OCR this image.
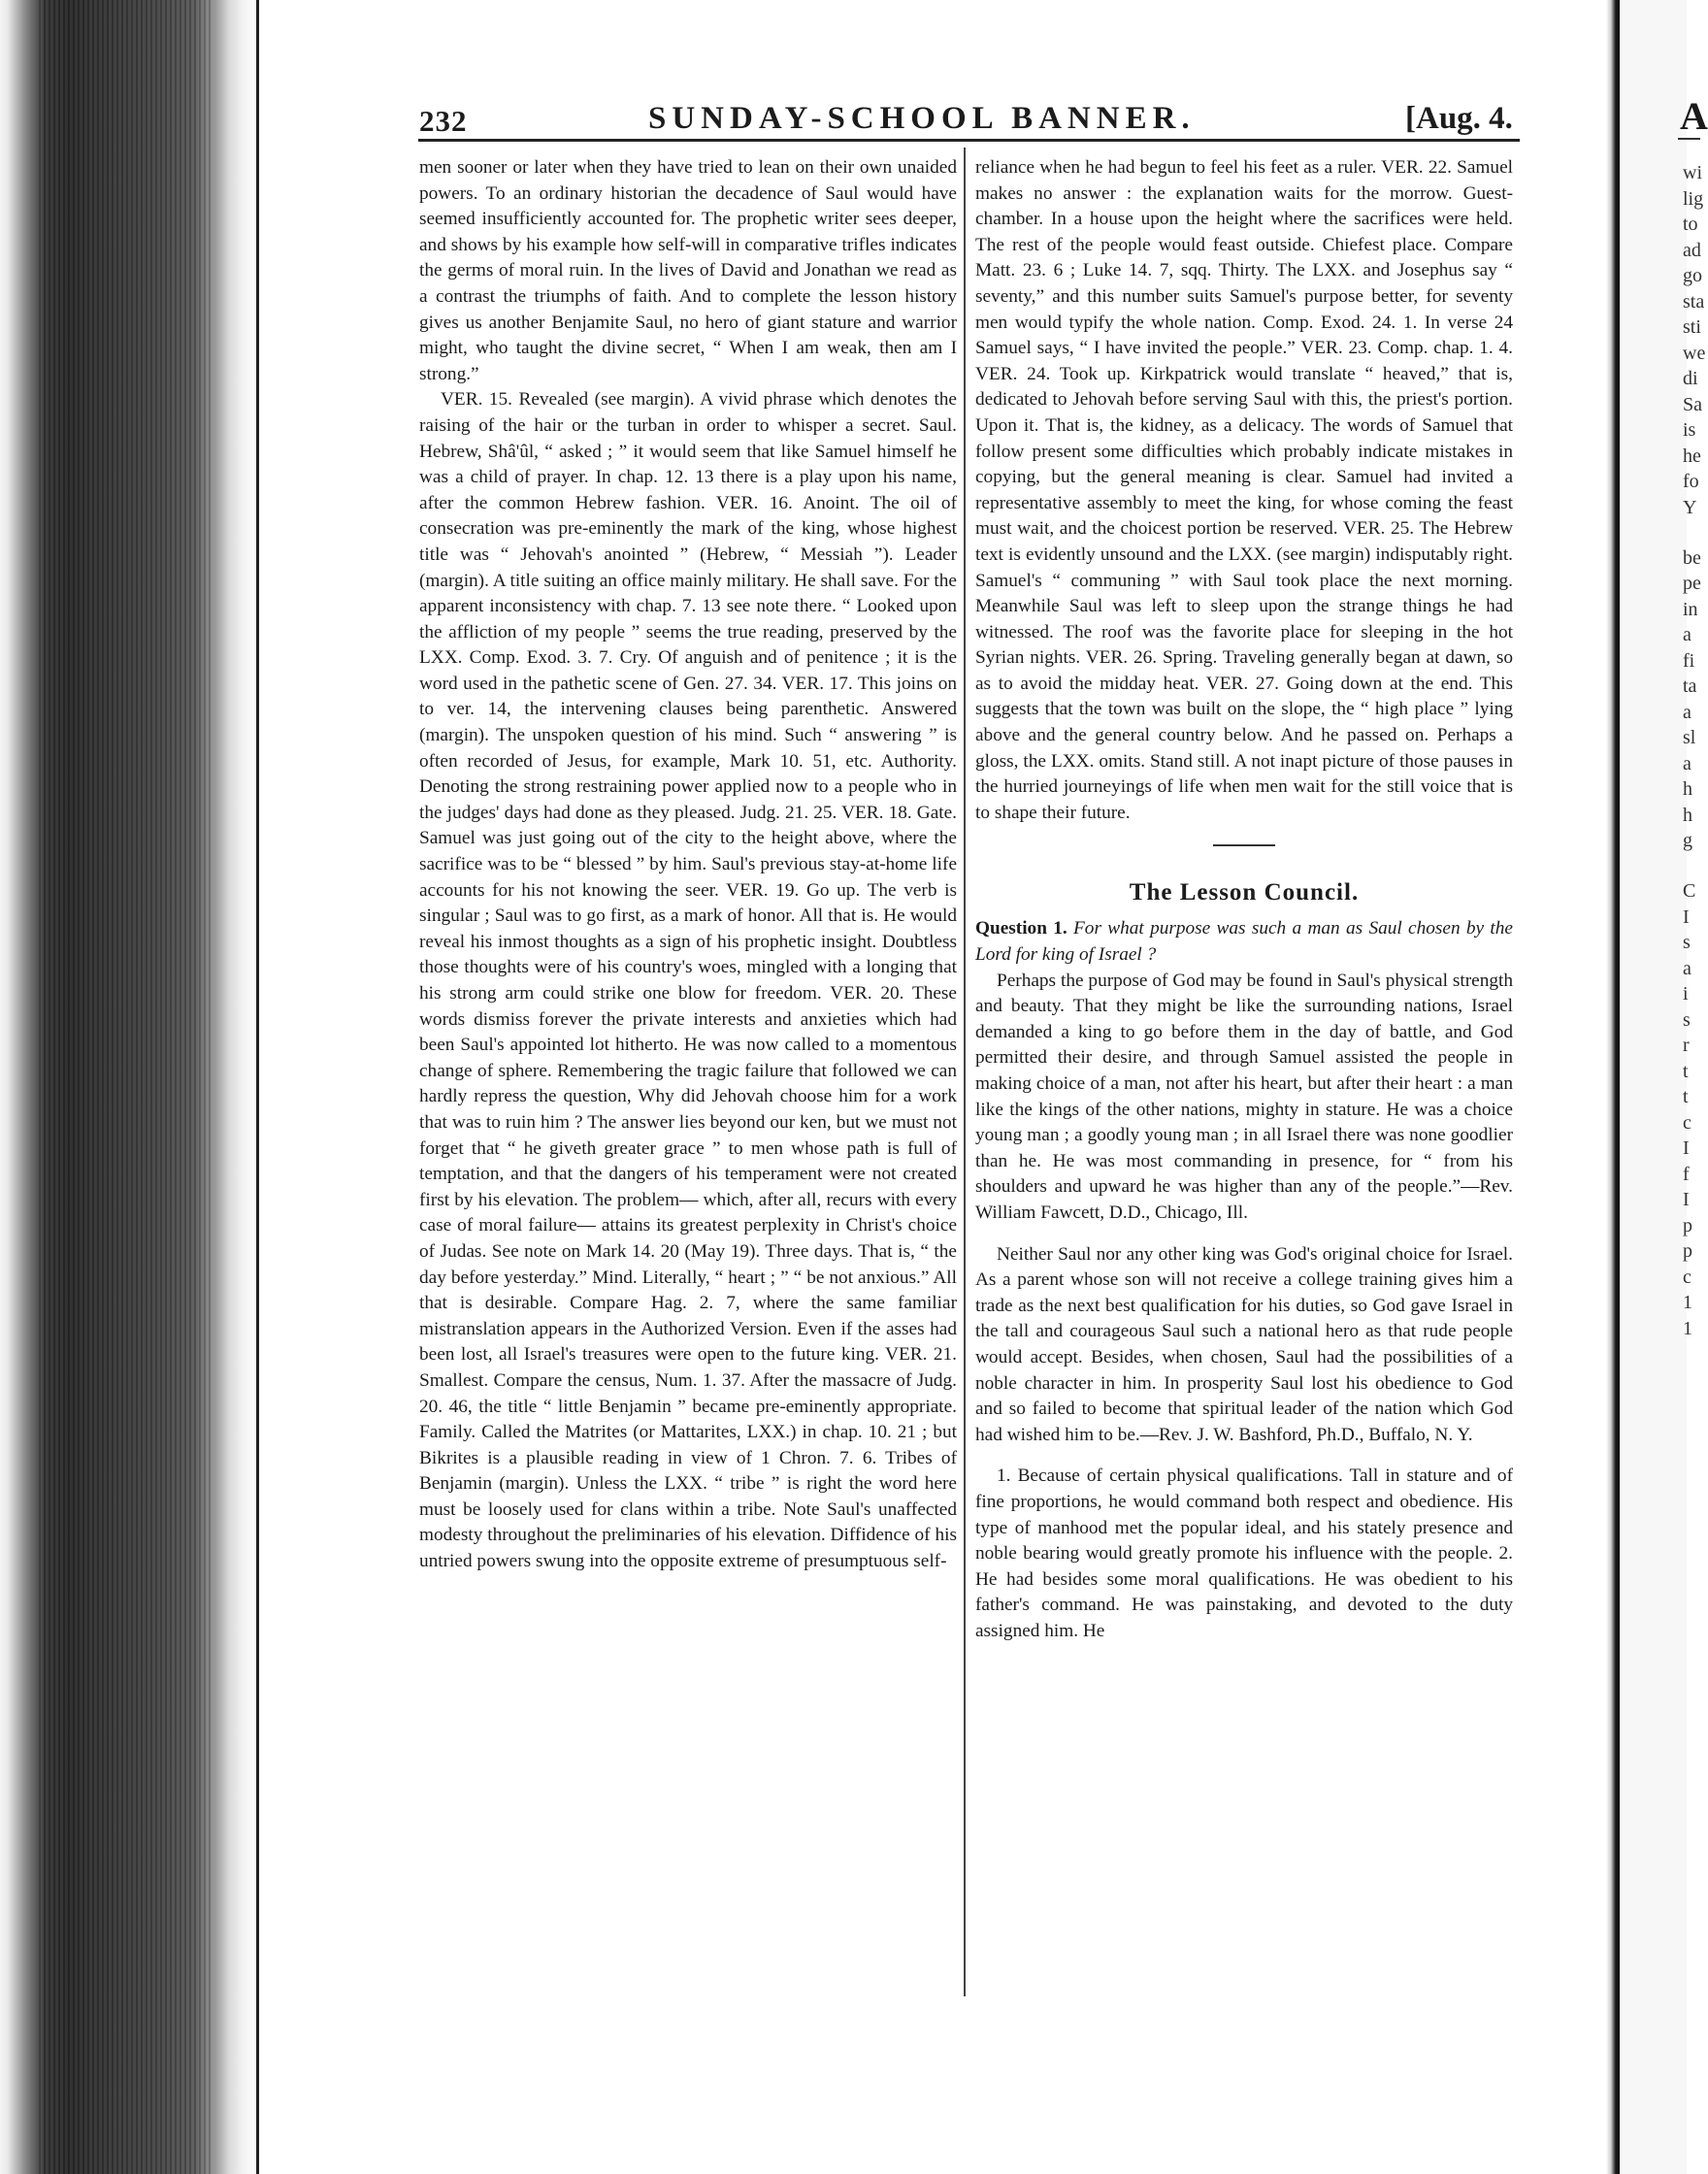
A
wi
lig
to
ad
go
sta
sti
we
di
Sa
is
he
fo
Y
be
pe
in
a
fi
ta
a
sl
a
h
h
g
C
I
s
a
i
s
r
t
t
c
I
f
I
p
p
c
1
1
232	SUNDAY-SCHOOL BANNER.	[Aug. 4.

men sooner or later when they have tried to lean on their own unaided powers. To an ordinary historian the decadence of Saul would have seemed insufficiently accounted for. The prophetic writer sees deeper, and shows by his example how self-will in comparative trifles indicates the germs of moral ruin. In the lives of David and Jonathan we read as a contrast the triumphs of faith. And to complete the lesson history gives us another Benjamite Saul, no hero of giant stature and warrior might, who taught the divine secret, “ When I am weak, then am I strong.”

VER. 15. Revealed (see margin). A vivid phrase which denotes the raising of the hair or the turban in order to whisper a secret. Saul. Hebrew, Shâ'ûl, “ asked ; ” it would seem that like Samuel himself he was a child of prayer. In chap. 12. 13 there is a play upon his name, after the common Hebrew fashion. VER. 16. Anoint. The oil of consecration was pre-eminently the mark of the king, whose highest title was “ Jehovah's anointed ” (Hebrew, “ Messiah ”). Leader (margin). A title suiting an office mainly military. He shall save. For the apparent inconsistency with chap. 7. 13 see note there. “ Looked upon the affliction of my people ” seems the true reading, preserved by the LXX. Comp. Exod. 3. 7. Cry. Of anguish and of penitence ; it is the word used in the pathetic scene of Gen. 27. 34. VER. 17. This joins on to ver. 14, the intervening clauses being parenthetic. Answered (margin). The unspoken question of his mind. Such “ answering ” is often recorded of Jesus, for example, Mark 10. 51, etc. Authority. Denoting the strong restraining power applied now to a people who in the judges' days had done as they pleased. Judg. 21. 25. VER. 18. Gate. Samuel was just going out of the city to the height above, where the sacrifice was to be “ blessed ” by him. Saul's previous stay-at-home life accounts for his not knowing the seer. VER. 19. Go up. The verb is singular ; Saul was to go first, as a mark of honor. All that is. He would reveal his inmost thoughts as a sign of his prophetic insight. Doubtless those thoughts were of his country's woes, mingled with a longing that his strong arm could strike one blow for freedom. VER. 20. These words dismiss forever the private interests and anxieties which had been Saul's appointed lot hitherto. He was now called to a momentous change of sphere. Remembering the tragic failure that followed we can hardly repress the question, Why did Jehovah choose him for a work that was to ruin him ? The answer lies beyond our ken, but we must not forget that “ he giveth greater grace ” to men whose path is full of temptation, and that the dangers of his temperament were not created first by his elevation. The problem— which, after all, recurs with every case of moral failure— attains its greatest perplexity in Christ's choice of Judas. See note on Mark 14. 20 (May 19). Three days. That is, “ the day before yesterday.” Mind. Literally, “ heart ; ” “ be not anxious.” All that is desirable. Compare Hag. 2. 7, where the same familiar mistranslation appears in the Authorized Version. Even if the asses had been lost, all Israel's treasures were open to the future king. VER. 21. Smallest. Compare the census, Num. 1. 37. After the massacre of Judg. 20. 46, the title “ little Benjamin ” became pre-eminently appropriate. Family. Called the Matrites (or Mattarites, LXX.) in chap. 10. 21 ; but Bikrites is a plausible reading in view of 1 Chron. 7. 6. Tribes of Benjamin (margin). Unless the LXX. “ tribe ” is right the word here must be loosely used for clans within a tribe. Note Saul's unaffected modesty throughout the preliminaries of his elevation. Diffidence of his untried powers swung into the opposite extreme of presumptuous self-

reliance when he had begun to feel his feet as a ruler. VER. 22. Samuel makes no answer : the explanation waits for the morrow. Guest-chamber. In a house upon the height where the sacrifices were held. The rest of the people would feast outside. Chiefest place. Compare Matt. 23. 6 ; Luke 14. 7, sqq. Thirty. The LXX. and Josephus say “ seventy,” and this number suits Samuel's purpose better, for seventy men would typify the whole nation. Comp. Exod. 24. 1. In verse 24 Samuel says, “ I have invited the people.” VER. 23. Comp. chap. 1. 4. VER. 24. Took up. Kirkpatrick would translate “ heaved,” that is, dedicated to Jehovah before serving Saul with this, the priest's portion. Upon it. That is, the kidney, as a delicacy. The words of Samuel that follow present some difficulties which probably indicate mistakes in copying, but the general meaning is clear. Samuel had invited a representative assembly to meet the king, for whose coming the feast must wait, and the choicest portion be reserved. VER. 25. The Hebrew text is evidently unsound and the LXX. (see margin) indisputably right. Samuel's “ communing ” with Saul took place the next morning. Meanwhile Saul was left to sleep upon the strange things he had witnessed. The roof was the favorite place for sleeping in the hot Syrian nights. VER. 26. Spring. Traveling generally began at dawn, so as to avoid the midday heat. VER. 27. Going down at the end. This suggests that the town was built on the slope, the “ high place ” lying above and the general country below. And he passed on. Perhaps a gloss, the LXX. omits. Stand still. A not inapt picture of those pauses in the hurried journeyings of life when men wait for the still voice that is to shape their future.

The Lesson Council.

Question 1. For what purpose was such a man as Saul chosen by the Lord for king of Israel ?

Perhaps the purpose of God may be found in Saul's physical strength and beauty. That they might be like the surrounding nations, Israel demanded a king to go before them in the day of battle, and God permitted their desire, and through Samuel assisted the people in making choice of a man, not after his heart, but after their heart : a man like the kings of the other nations, mighty in stature. He was a choice young man ; a goodly young man ; in all Israel there was none goodlier than he. He was most commanding in presence, for “ from his shoulders and upward he was higher than any of the people.”—Rev. William Fawcett, D.D., Chicago, Ill.

Neither Saul nor any other king was God's original choice for Israel. As a parent whose son will not receive a college training gives him a trade as the next best qualification for his duties, so God gave Israel in the tall and courageous Saul such a national hero as that rude people would accept. Besides, when chosen, Saul had the possibilities of a noble character in him. In prosperity Saul lost his obedience to God and so failed to become that spiritual leader of the nation which God had wished him to be.—Rev. J. W. Bashford, Ph.D., Buffalo, N. Y.

1. Because of certain physical qualifications. Tall in stature and of fine proportions, he would command both respect and obedience. His type of manhood met the popular ideal, and his stately presence and noble bearing would greatly promote his influence with the people. 2. He had besides some moral qualifications. He was obedient to his father's command. He was painstaking, and devoted to the duty assigned him. He
